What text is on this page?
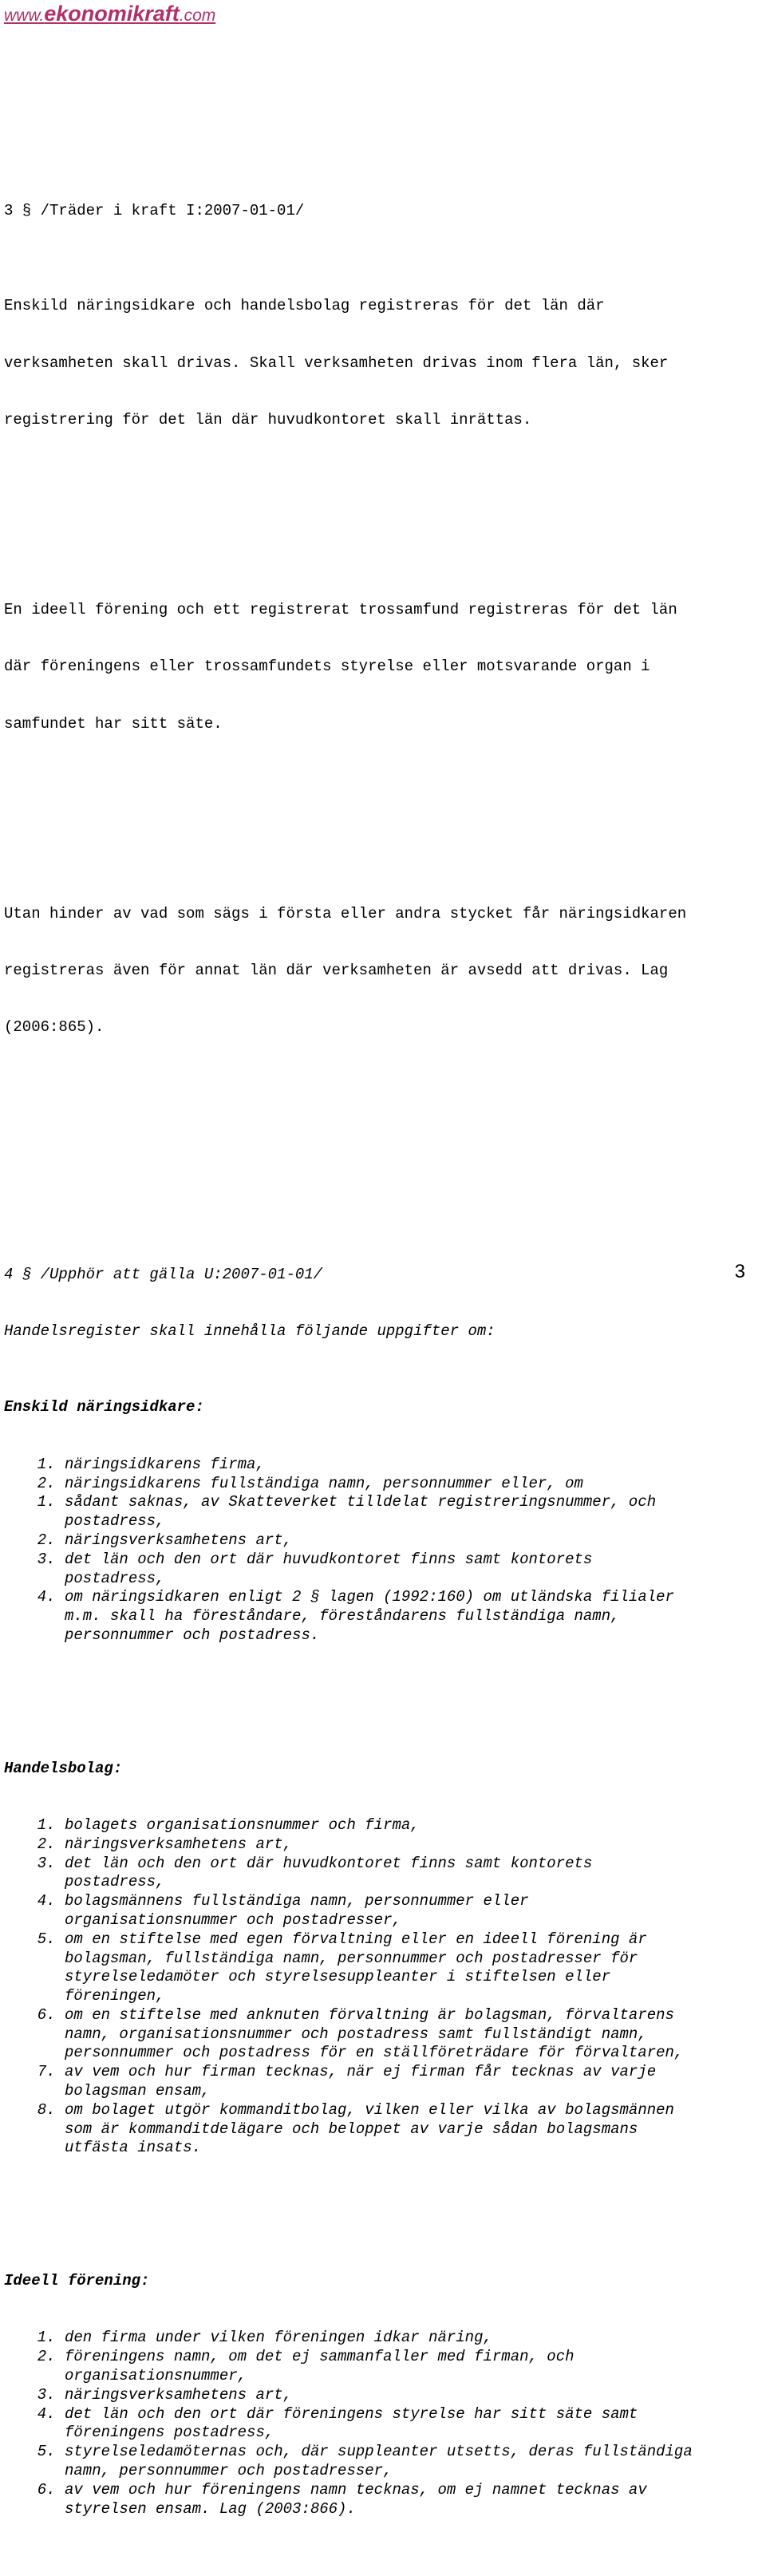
www.ekonomikraft.com

3 § /Träder i kraft I:2007-01-01/

Enskild näringsidkare och handelsbolag registreras för det län där

verksamheten skall drivas. Skall verksamheten drivas inom flera län, sker

registrering för det län där huvudkontoret skall inrättas.

En ideell förening och ett registrerat trossamfund registreras för det län

där föreningens eller trossamfundets styrelse eller motsvarande organ i

samfundet har sitt säte.

Utan hinder av vad som sägs i första eller andra stycket får näringsidkaren

registreras även för annat län där verksamheten är avsedd att drivas. Lag

(2006:865).

4 § /Upphör att gälla U:2007-01-01/

Handelsregister skall innehålla följande uppgifter om:

Enskild näringsidkare:

1. näringsidkarens firma,
2. näringsidkarens fullständiga namn, personnummer eller, om
1. sådant saknas, av Skatteverket tilldelat registreringsnummer, och
postadress,
2. näringsverksamhetens art,
3. det län och den ort där huvudkontoret finns samt kontorets
postadress,
4. om näringsidkaren enligt 2 § lagen (1992:160) om utländska filialer
m.m. skall ha föreståndare, föreståndarens fullständiga namn,
personnummer och postadress.

Handelsbolag:

1. bolagets organisationsnummer och firma,
2. näringsverksamhetens art,
3. det län och den ort där huvudkontoret finns samt kontorets
postadress,
4. bolagsmännens fullständiga namn, personnummer eller
organisationsnummer och postadresser,
5. om en stiftelse med egen förvaltning eller en ideell förening är
bolagsman, fullständiga namn, personnummer och postadresser för
styrelseledamöter och styrelsesuppleanter i stiftelsen eller
föreningen,
6. om en stiftelse med anknuten förvaltning är bolagsman, förvaltarens
namn, organisationsnummer och postadress samt fullständigt namn,
personnummer och postadress för en ställföreträdare för förvaltaren,
7. av vem och hur firman tecknas, när ej firman får tecknas av varje
bolagsman ensam,
8. om bolaget utgör kommanditbolag, vilken eller vilka av bolagsmännen
som är kommanditdelägare och beloppet av varje sådan bolagsmans
utfästa insats.

Ideell förening:

1. den firma under vilken föreningen idkar näring,
2. föreningens namn, om det ej sammanfaller med firman, och
organisationsnummer,
3. näringsverksamhetens art,
4. det län och den ort där föreningens styrelse har sitt säte samt
föreningens postadress,
5. styrelseledamöternas och, där suppleanter utsetts, deras fullständiga
namn, personnummer och postadresser,
6. av vem och hur föreningens namn tecknas, om ej namnet tecknas av
styrelsen ensam. Lag (2003:866).

3
